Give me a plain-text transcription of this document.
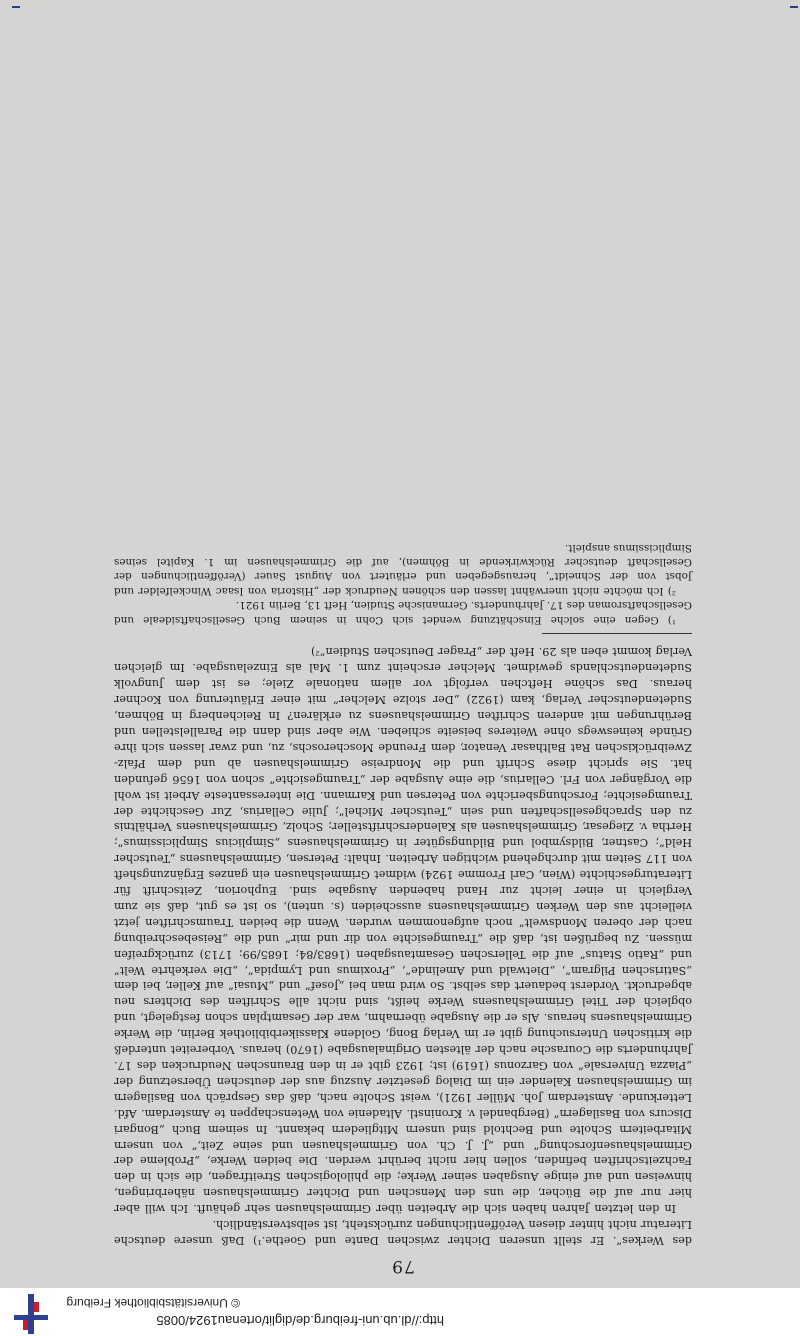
http://dl.ub.uni-freiburg.de/diglit/ortenau1924/0085
© Universitätsbibliothek Freiburg
79

des Werkes“. Er stellt unseren Dichter zwischen Dante und Goethe.¹) Daß unsere deutsche Literatur nicht hinter diesen Veröffentlichungen zurücksteht, ist selbstverständlich.

In den letzten Jahren haben sich die Arbeiten über Grimmelshausen sehr gehäuft. Ich will aber hier nur auf die Bücher, die uns den Menschen und Dichter Grimmelshausen näherbringen, hinweisen und auf einige Ausgaben seiner Werke; die philologischen Streitfragen, die sich in den Fachzeitschriften befinden, sollen hier nicht berührt werden. Die beiden Werke, „Probleme der Grimmelshausenforschung“ und „J. J. Ch. von Grimmelshausen und seine Zeit,“ von unsern Mitarbeitern Scholte und Bechtold sind unsern Mitgliedern bekannt. In seinem Buch „Bongari Discurs von Basilagern“ (Bergbandel v. Kroninstl. Altadenie von Wetenschappen te Amsterdam. Afd. Letterkunde. Amsterdam Joh. Müller 1921), weist Scholte nach, daß das Gespräch von Basilagern im Grimmelshausen Kalender ein im Dialog gesetzter Auszug aus der deutschen Übersetzung der „Piazza Universale“ von Garzonus (1619) ist; 1923 gibt er in den Braunschen Neudrucken des 17. Jahrhunderts die Courasche nach der ältesten Originalausgabe (1670) heraus. Vorbereitet unterdeß die kritischen Untersuchung gibt er im Verlag Bong, Goldene Klassikerbibliothek Berlin, die Werke Grimmelshausens heraus. Als er die Ausgabe übernahm, war der Gesamtplan schon festgelegt, und obgleich der Titel Grimmelshausens Werke heißt, sind nicht alle Schriften des Dichters neu abgedruckt. Vorderst bedauert das selbst. So wird man bei „Josef“ und „Musai“ auf Keller, bei dem „Satirischen Pilgram“, „Dietwald und Amelinde“, „Proximus und Lympida“, „Die verkehrte Welt“ und „Ratio Status“ auf die Tellerschen Gesamtausgaben (1683/84; 1685/99; 1713) zurückgreifen müssen. Zu begrüßen ist, daß die „Traumgesichte von dir und mir“ und die „Reisebeschreibung nach der oberen Mondswelt“ noch aufgenommen wurden. Wenn die beiden Traumschriften jetzt vielleicht aus den Werken Grimmelshausens ausscheiden (s. unten), so ist es gut, daß sie zum Vergleich in einer leicht zur Hand habenden Ausgabe sind. Euphorion, Zeitschrift für Literaturgeschichte (Wien, Carl Fromme 1924) widmet Grimmelshausen ein ganzes Ergänzungsheft von 117 Seiten mit durchgehend wichtigen Arbeiten. Inhalt: Petersen, Grimmelshausens „Teutscher Held“; Castner, Bildsymbol und Bildungsgüter in Grimmelshausens „Simplicius Simplicissimus“; Hertha v. Ziegesar, Grimmelshausen als Kalenderschriftsteller; Scholz, Grimmelshausens Verhältnis zu den Sprachgesellschaften und sein „Teutscher Michel“; Julie Cellarius, Zur Geschichte der Traumgesichte; Forschungsberichte von Petersen und Karmann. Die interessanteste Arbeit ist wohl die Vorgänger von Frl. Cellarius, die eine Ausgabe der „Traumgesichte“ schon von 1656 gefunden hat. Sie spricht diese Schrift und die Mondreise Grimmelshausen ab und dem Pfalz-Zweibrückischen Rat Balthasar Venator, dem Freunde Moscheroschs, zu, und zwar lassen sich ihre Gründe keineswegs ohne Weiteres beiseite schieben. Wie aber sind dann die Parallelstellen und Berührungen mit anderen Schriften Grimmelshausens zu erklären? In Reichenberg in Böhmen, Sudetendeutscher Verlag, kam (1922) „Der stolze Melcher“ mit einer Erläuterung von Kochner heraus. Das schöne Heftchen verfolgt vor allem nationale Ziele; es ist dem Jungvolk Sudetendeutschlands gewidmet. Melcher erscheint zum 1. Mal als Einzelausgabe. Im gleichen Verlag kommt eben als 29. Heft der „Prager Deutschen Studien“²)

¹) Gegen eine solche Einschätzung wendet sich Cohn in seinem Buch Gesellschaftsideale und Gesellschaftsroman des 17. Jahrhunderts. Germanische Studien, Heft 13, Berlin 1921.

²) Ich möchte nicht unerwähnt lassen den schönen Neudruck der „Historia von Isaac Winckelfelder und Jobst von der Schneidt“, herausgegeben und erläutert von August Sauer (Veröffentlichungen der Gesellschaft deutscher Rückwirkende in Böhmen), auf die Grimmelshausen im 1. Kapitel seines Simplicissimus anspielt.
